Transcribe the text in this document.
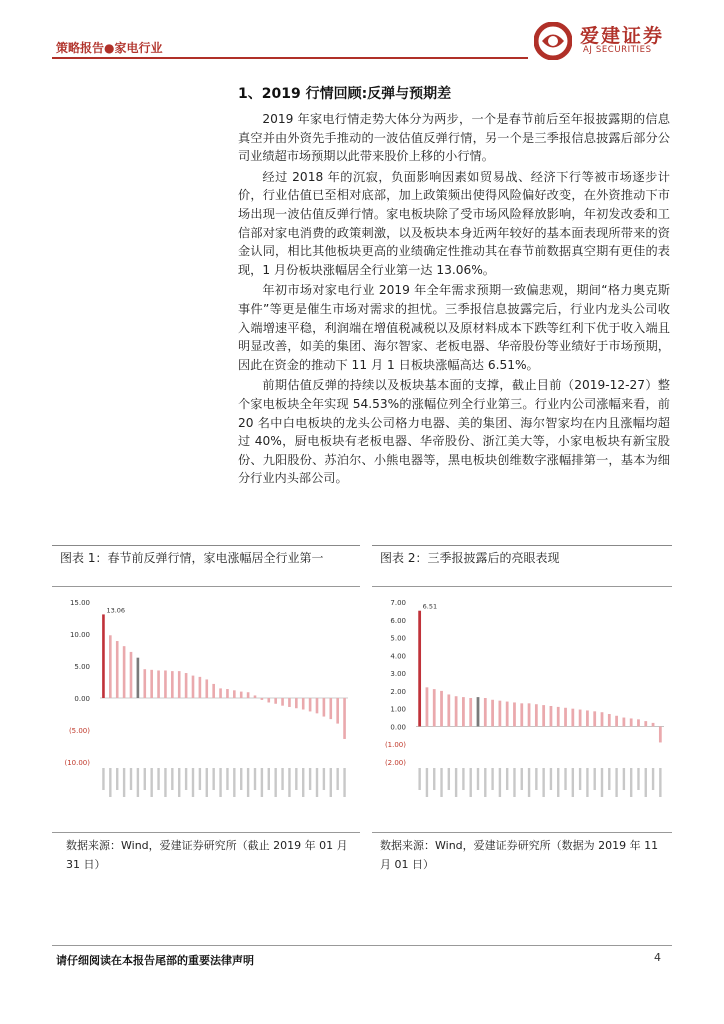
策略报告●家电行业
爱建证券
AJ SECURITIES
1、2019 行情回顾:反弹与预期差

2019 年家电行情走势大体分为两步，一个是春节前后至年报披露期的信息真空并由外资先手推动的一波估值反弹行情，另一个是三季报信息披露后部分公司业绩超市场预期以此带来股价上移的小行情。

经过 2018 年的沉寂，负面影响因素如贸易战、经济下行等被市场逐步计价，行业估值已至相对底部，加上政策频出使得风险偏好改变，在外资推动下市场出现一波估值反弹行情。家电板块除了受市场风险释放影响，年初发改委和工信部对家电消费的政策刺激，以及板块本身近两年较好的基本面表现所带来的资金认同，相比其他板块更高的业绩确定性推动其在春节前数据真空期有更佳的表现，1 月份板块涨幅居全行业第一达 13.06%。

年初市场对家电行业 2019 年全年需求预期一致偏悲观，期间“格力奥克斯事件”等更是催生市场对需求的担忧。三季报信息披露完后，行业内龙头公司收入端增速平稳，利润端在增值税减税以及原材料成本下跌等红利下优于收入端且明显改善，如美的集团、海尔智家、老板电器、华帝股份等业绩好于市场预期，因此在资金的推动下 11 月 1 日板块涨幅高达 6.51%。

前期估值反弹的持续以及板块基本面的支撑，截止目前（2019-12-27）整个家电板块全年实现 54.53%的涨幅位列全行业第三。行业内公司涨幅来看，前 20 名中白电板块的龙头公司格力电器、美的集团、海尔智家均在内且涨幅均超过 40%，厨电板块有老板电器、华帝股份、浙江美大等，小家电板块有新宝股份、九阳股份、苏泊尔、小熊电器等，黑电板块创维数字涨幅排第一，基本为细分行业内头部公司。

图表 1：春节前反弹行情，家电涨幅居全行业第一
15.00
10.00
5.00
0.00
(5.00)
(10.00)
13.06
数据来源：Wind，爱建证券研究所（截止 2019 年 01 月 31 日）
图表 2：三季报披露后的亮眼表现
7.00
6.00
5.00
4.00
3.00
2.00
1.00
0.00
(1.00)
(2.00)
6.51
数据来源：Wind，爱建证券研究所（数据为 2019 年 11 月 01 日）
请仔细阅读在本报告尾部的重要法律声明	4
